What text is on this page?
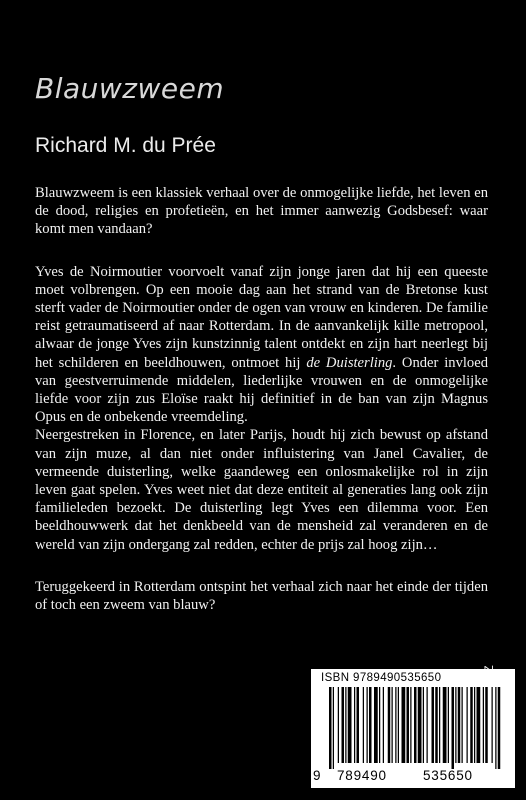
Blauwzweem
Richard M. du Prée

Blauwzweem is een klassiek verhaal over de onmogelijke liefde, het leven en de dood, religies en profetieën, en het immer aanwezig Godsbesef: waar komt men vandaan?

Yves de Noirmoutier voorvoelt vanaf zijn jonge jaren dat hij een queeste moet volbrengen. Op een mooie dag aan het strand van de Bretonse kust sterft vader de Noirmoutier onder de ogen van vrouw en kinderen. De familie reist getraumatiseerd af naar Rotterdam. In de aanvankelijk kille metropool, alwaar de jonge Yves zijn kunstzinnig talent ontdekt en zijn hart neerlegt bij het schilderen en beeldhouwen, ontmoet hij de Duisterling. Onder invloed van geestverruimende middelen, liederlijke vrouwen en de onmogelijke liefde voor zijn zus Eloïse raakt hij definitief in de ban van zijn Magnus Opus en de onbekende vreemdeling.

Neergestreken in Florence, en later Parijs, houdt hij zich bewust op afstand van zijn muze, al dan niet onder influistering van Janel Cavalier, de vermeende duisterling, welke gaandeweg een onlosmakelijke rol in zijn leven gaat spelen. Yves weet niet dat deze entiteit al generaties lang ook zijn familieleden bezoekt. De duisterling legt Yves een dilemma voor. Een beeldhouwwerk dat het denkbeeld van de mensheid zal veranderen en de wereld van zijn ondergang zal redden, echter de prijs zal hoog zijn…

Teruggekeerd in Rotterdam ontspint het verhaal zich naar het einde der tijden of toch een zweem van blauw?

ISBN 9789490535650
9 789490	535650
